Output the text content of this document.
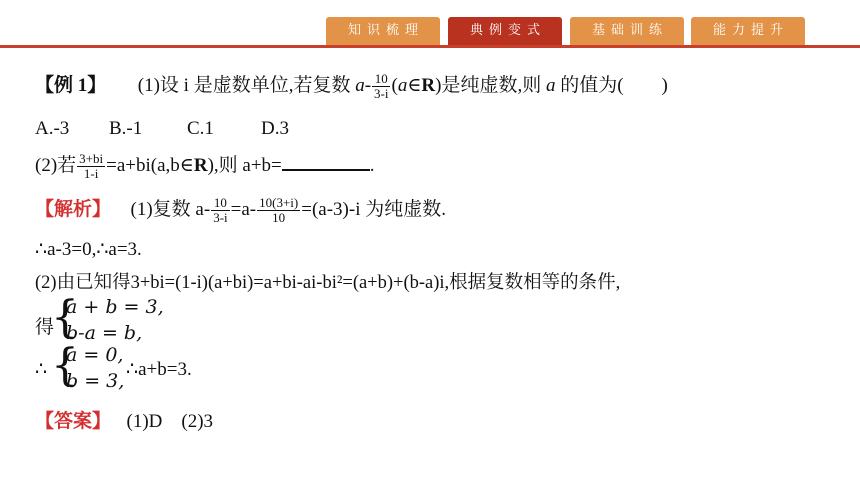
知识梳理	典例变式	基础训练	能力提升
【例 1】 (1)设 i 是虚数单位,若复数 $a- \frac{10}{3-i}$ (a∈R)是纯虚数,则 a 的值为(　　)
A.-3 B.-1 C.1 D.3
(2)若 $\frac{3+bi}{1-i}$ =a+bi(a,b∈R),则 a+b=	.
【解析】 (1)复数 $a- \frac{10}{3-i} =a- \frac{10(3+i)}{10} =(a-3)-i$ 为纯虚数.
∴a-3=0,∴a=3.
(2)由已知得3+bi=(1-i)(a+bi)=a+bi-ai-bi²=(a+b)+(b-a)i,根据复数相等的条件,
得
{
a + b = 3,
b-a = b,
∴ {
a = 0,
b = 3,
∴a+b=3.
【答案】 (1)D　(2)3
